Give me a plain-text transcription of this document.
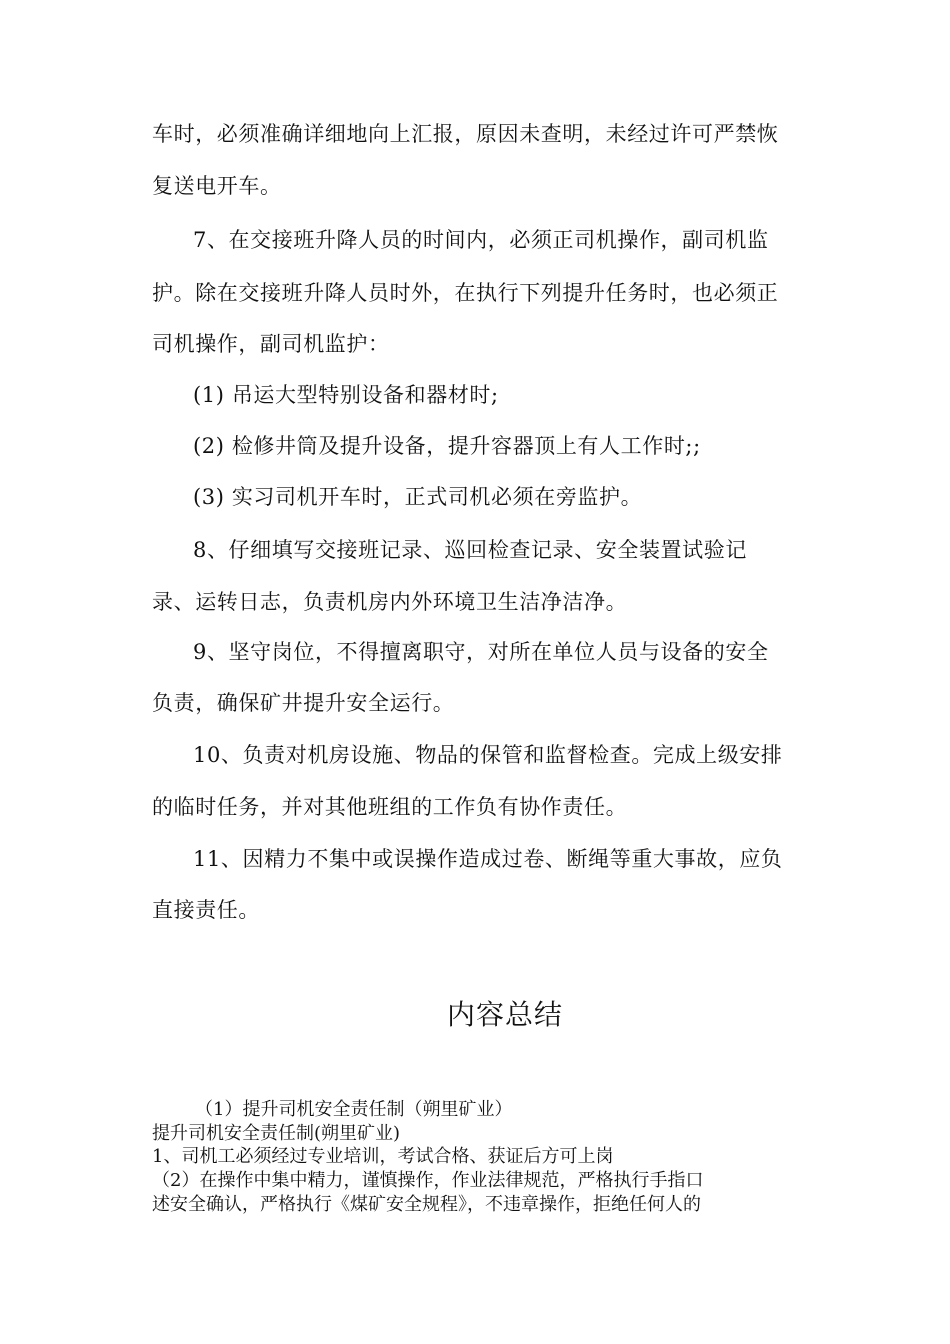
车时，必须准确详细地向上汇报，原因未查明，未经过许可严禁恢
复送电开车。
7、在交接班升降人员的时间内，必须正司机操作，副司机监
护。除在交接班升降人员时外，在执行下列提升任务时，也必须正
司机操作，副司机监护：
(1) 吊运大型特别设备和器材时;
(2) 检修井筒及提升设备，提升容器顶上有人工作时;;
(3) 实习司机开车时，正式司机必须在旁监护。
8、仔细填写交接班记录、巡回检查记录、安全装置试验记
录、运转日志，负责机房内外环境卫生洁净洁净。
9、坚守岗位，不得擅离职守，对所在单位人员与设备的安全
负责，确保矿井提升安全运行。
10、负责对机房设施、物品的保管和监督检查。完成上级安排
的临时任务，并对其他班组的工作负有协作责任。
11、因精力不集中或误操作造成过卷、断绳等重大事故，应负
直接责任。
内容总结
（1）提升司机安全责任制（朔里矿业）
提升司机安全责任制(朔里矿业)
1、司机工必须经过专业培训，考试合格、获证后方可上岗
（2）在操作中集中精力，谨慎操作，作业法律规范，严格执行手指口
述安全确认，严格执行《煤矿安全规程》，不违章操作，拒绝任何人的
